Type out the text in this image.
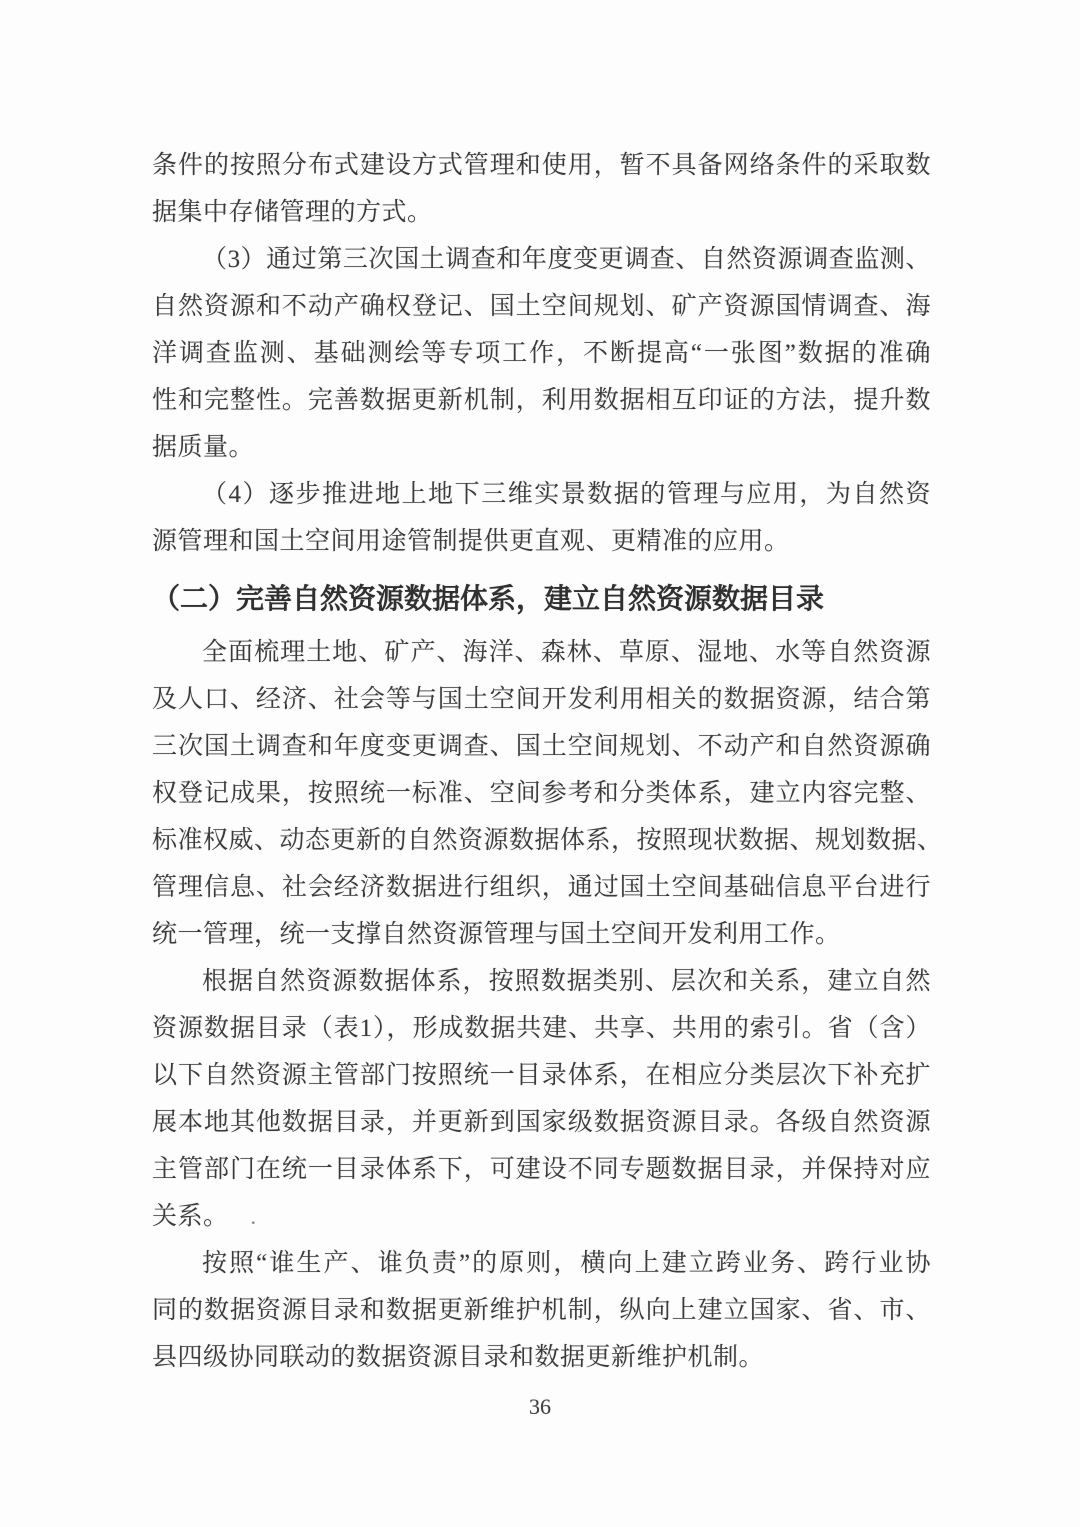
条件的按照分布式建设方式管理和使用，暂不具备网络条件的采取数
据集中存储管理的方式。
（3）通过第三次国土调查和年度变更调查、自然资源调查监测、
自然资源和不动产确权登记、国土空间规划、矿产资源国情调查、海
洋调查监测、基础测绘等专项工作，不断提高“一张图”数据的准确
性和完整性。完善数据更新机制，利用数据相互印证的方法，提升数
据质量。
（4）逐步推进地上地下三维实景数据的管理与应用，为自然资
源管理和国土空间用途管制提供更直观、更精准的应用。
（二）完善自然资源数据体系，建立自然资源数据目录
全面梳理土地、矿产、海洋、森林、草原、湿地、水等自然资源
及人口、经济、社会等与国土空间开发利用相关的数据资源，结合第
三次国土调查和年度变更调查、国土空间规划、不动产和自然资源确
权登记成果，按照统一标准、空间参考和分类体系，建立内容完整、
标准权威、动态更新的自然资源数据体系，按照现状数据、规划数据、
管理信息、社会经济数据进行组织，通过国土空间基础信息平台进行
统一管理，统一支撑自然资源管理与国土空间开发利用工作。
根据自然资源数据体系，按照数据类别、层次和关系，建立自然
资源数据目录（表1），形成数据共建、共享、共用的索引。省（含）
以下自然资源主管部门按照统一目录体系，在相应分类层次下补充扩
展本地其他数据目录，并更新到国家级数据资源目录。各级自然资源
主管部门在统一目录体系下，可建设不同专题数据目录，并保持对应
关系。 .
按照“谁生产、谁负责”的原则，横向上建立跨业务、跨行业协
同的数据资源目录和数据更新维护机制，纵向上建立国家、省、市、
县四级协同联动的数据资源目录和数据更新维护机制。
36
